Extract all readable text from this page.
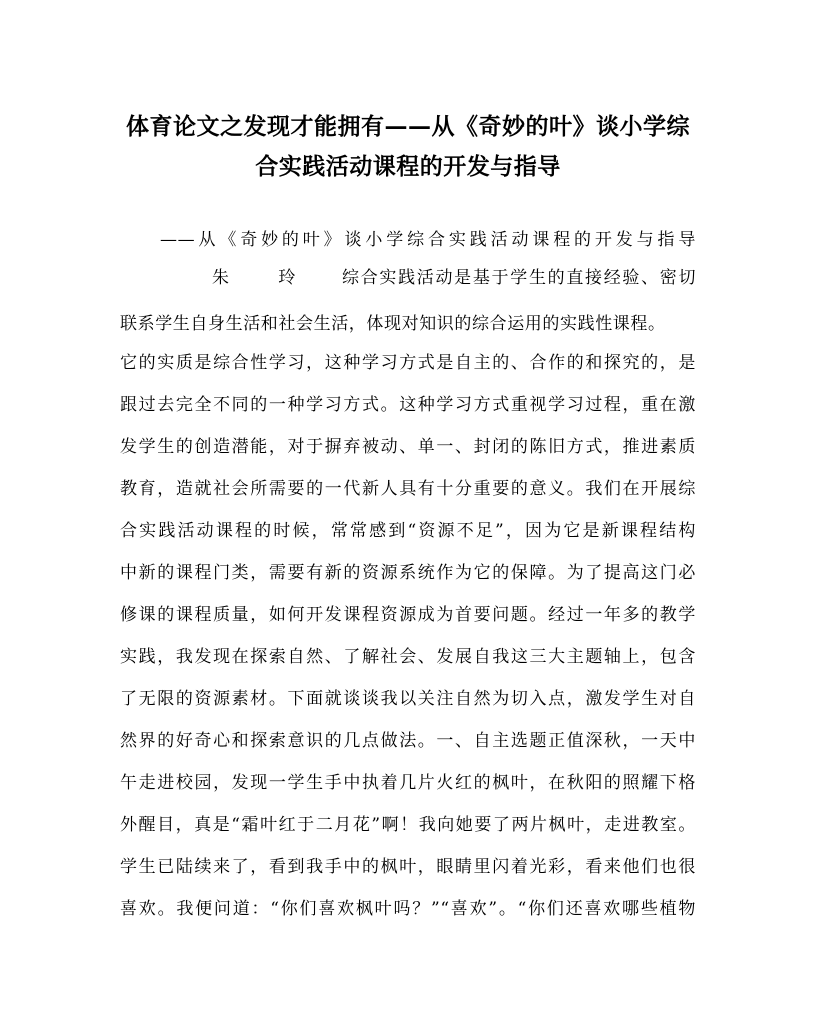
体育论文之发现才能拥有——从《奇妙的叶》谈小学综
合实践活动课程的开发与指导

——从《奇妙的叶》谈小学综合实践活动课程的开发与指导

朱 玲 综合实践活动是基于学生的直接经验、密切

联系学生自身生活和社会生活，体现对知识的综合运用的实践性课程。

它的实质是综合性学习，这种学习方式是自主的、合作的和探究的，是

跟过去完全不同的一种学习方式。这种学习方式重视学习过程，重在激

发学生的创造潜能，对于摒弃被动、单一、封闭的陈旧方式，推进素质

教育，造就社会所需要的一代新人具有十分重要的意义。我们在开展综

合实践活动课程的时候，常常感到“资源不足”，因为它是新课程结构

中新的课程门类，需要有新的资源系统作为它的保障。为了提高这门必

修课的课程质量，如何开发课程资源成为首要问题。经过一年多的教学

实践，我发现在探索自然、了解社会、发展自我这三大主题轴上，包含

了无限的资源素材。下面就谈谈我以关注自然为切入点，激发学生对自

然界的好奇心和探索意识的几点做法。一、自主选题正值深秋，一天中

午走进校园，发现一学生手中执着几片火红的枫叶，在秋阳的照耀下格

外醒目，真是“霜叶红于二月花”啊！我向她要了两片枫叶，走进教室。

学生已陆续来了，看到我手中的枫叶，眼睛里闪着光彩，看来他们也很

喜欢。我便问道：“你们喜欢枫叶吗？”“喜欢”。“你们还喜欢哪些植物
